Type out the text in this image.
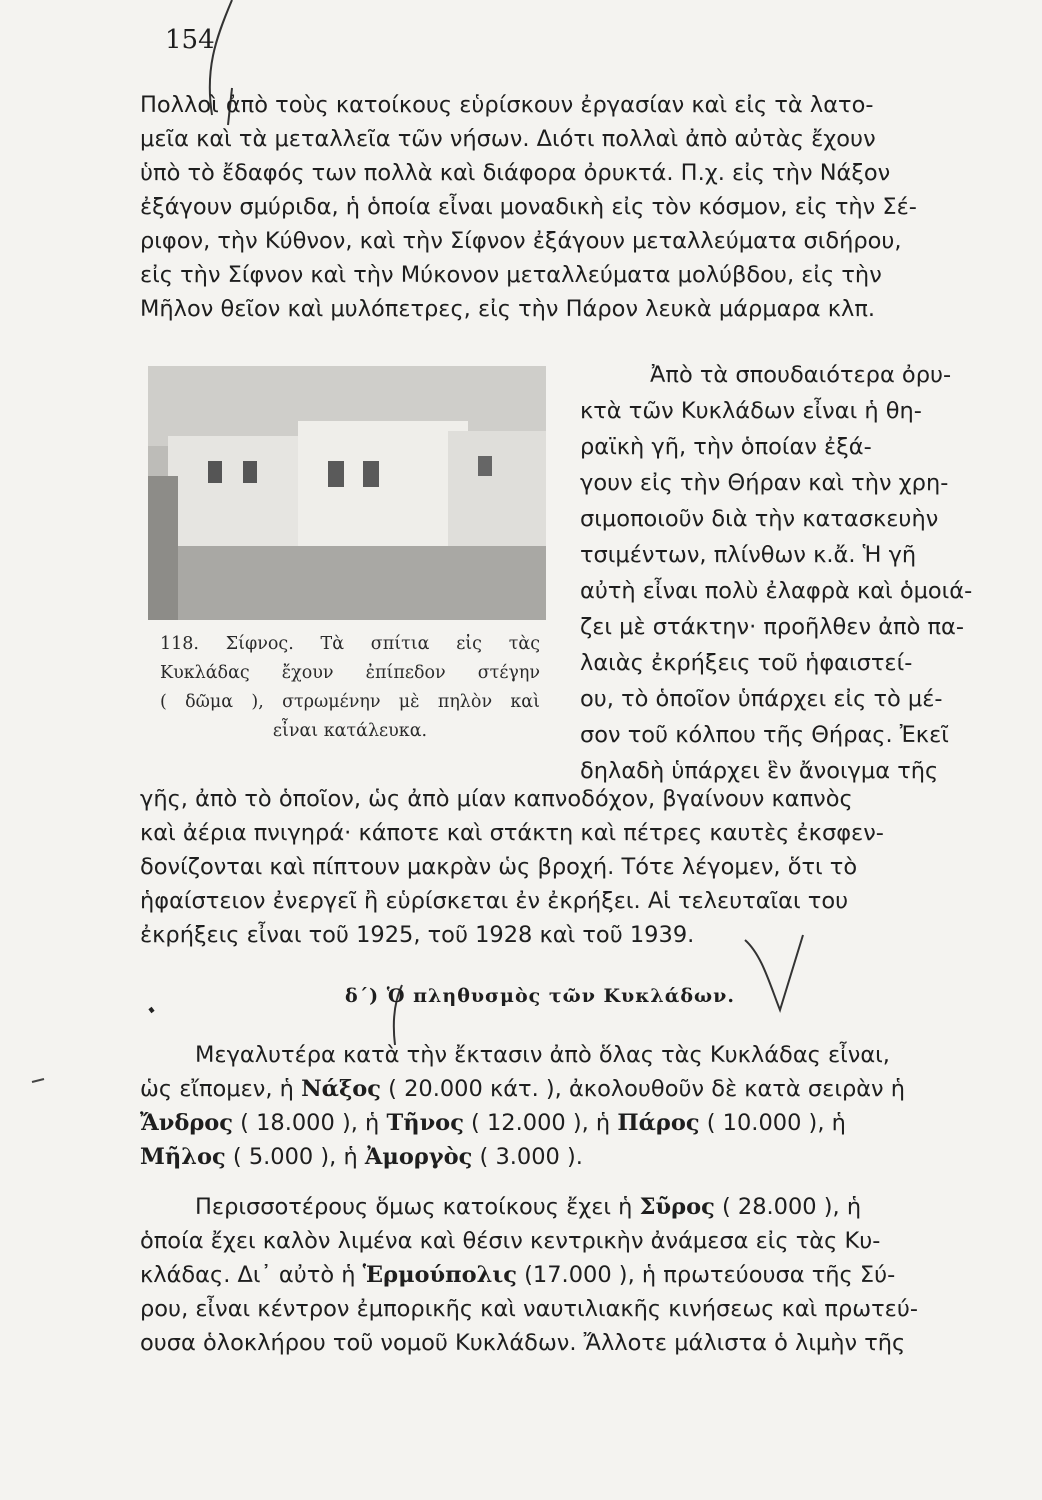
154
Πολλοὶ ἀπὸ τοὺς κατοίκους εὑρίσκουν ἐργασίαν καὶ εἰς τὰ λατο-
μεῖα καὶ τὰ μεταλλεῖα τῶν νήσων. Διότι πολλαὶ ἀπὸ αὐτὰς ἔχουν
ὑπὸ τὸ ἔδαφός των πολλὰ καὶ διάφορα ὀρυκτά. Π.χ. εἰς τὴν Νάξον
ἐξάγουν σμύριδα, ἡ ὁποία εἶναι μοναδικὴ εἰς τὸν κόσμον, εἰς τὴν Σέ-
ριφον, τὴν Κύθνον, καὶ τὴν Σίφνον ἐξάγουν μεταλλεύματα σιδήρου,
εἰς τὴν Σίφνον καὶ τὴν Μύκονον μεταλλεύματα μολύβδου, εἰς τὴν
Μῆλον θεῖον καὶ μυλόπετρες, εἰς τὴν Πάρον λευκὰ μάρμαρα κλπ.
118. Σίφνος. Τὰ σπίτια εἰς τὰς
Κυκλάδας ἔχουν ἐπίπεδον στέγην
( δῶμα ), στρωμένην μὲ πηλὸν καὶ
εἶναι κατάλευκα.
Ἀπὸ τὰ σπουδαιότερα ὀρυ-
κτὰ τῶν Κυκλάδων εἶναι ἡ θη-
ραϊκὴ γῆ, τὴν ὁποίαν ἐξά-
γουν εἰς τὴν Θήραν καὶ τὴν χρη-
σιμοποιοῦν διὰ τὴν κατασκευὴν
τσιμέντων, πλίνθων κ.ἄ. Ἡ γῆ
αὐτὴ εἶναι πολὺ ἐλαφρὰ καὶ ὁμοιά-
ζει μὲ στάκτην· προῆλθεν ἀπὸ πα-
λαιὰς ἐκρήξεις τοῦ ἡφαιστεί-
ου, τὸ ὁποῖον ὑπάρχει εἰς τὸ μέ-
σον τοῦ κόλπου τῆς Θήρας. Ἐκεῖ
δηλαδὴ ὑπάρχει ἓν ἄνοιγμα τῆς
γῆς, ἀπὸ τὸ ὁποῖον, ὡς ἀπὸ μίαν καπνοδόχον, βγαίνουν καπνὸς
καὶ ἀέρια πνιγηρά· κάποτε καὶ στάκτη καὶ πέτρες καυτὲς ἐκσφεν-
δονίζονται καὶ πίπτουν μακρὰν ὡς βροχή. Τότε λέγομεν, ὅτι τὸ
ἡφαίστειον ἐνεργεῖ ἢ εὑρίσκεται ἐν ἐκρήξει. Αἱ τελευταῖαι του
ἐκρήξεις εἶναι τοῦ 1925, τοῦ 1928 καὶ τοῦ 1939.
δ΄) Ὁ πληθυσμὸς τῶν Κυκλάδων.
Μεγαλυτέρα κατὰ τὴν ἔκτασιν ἀπὸ ὅλας τὰς Κυκλάδας εἶναι,
ὡς εἴπομεν, ἡ Νάξος ( 20.000 κάτ. ), ἀκολουθοῦν δὲ κατὰ σειρὰν ἡ
Ἄνδρος ( 18.000 ), ἡ Τῆνος ( 12.000 ), ἡ Πάρος ( 10.000 ), ἡ
Μῆλος ( 5.000 ), ἡ Ἀμοργὸς ( 3.000 ).
Περισσοτέρους ὅμως κατοίκους ἔχει ἡ Σῦρος ( 28.000 ), ἡ
ὁποία ἔχει καλὸν λιμένα καὶ θέσιν κεντρικὴν ἀνάμεσα εἰς τὰς Κυ-
κλάδας. Δι᾽ αὐτὸ ἡ Ἑρμούπολις (17.000 ), ἡ πρωτεύουσα τῆς Σύ-
ρου, εἶναι κέντρον ἐμπορικῆς καὶ ναυτιλιακῆς κινήσεως καὶ πρωτεύ-
ουσα ὁλοκλήρου τοῦ νομοῦ Κυκλάδων. Ἄλλοτε μάλιστα ὁ λιμὴν τῆς
